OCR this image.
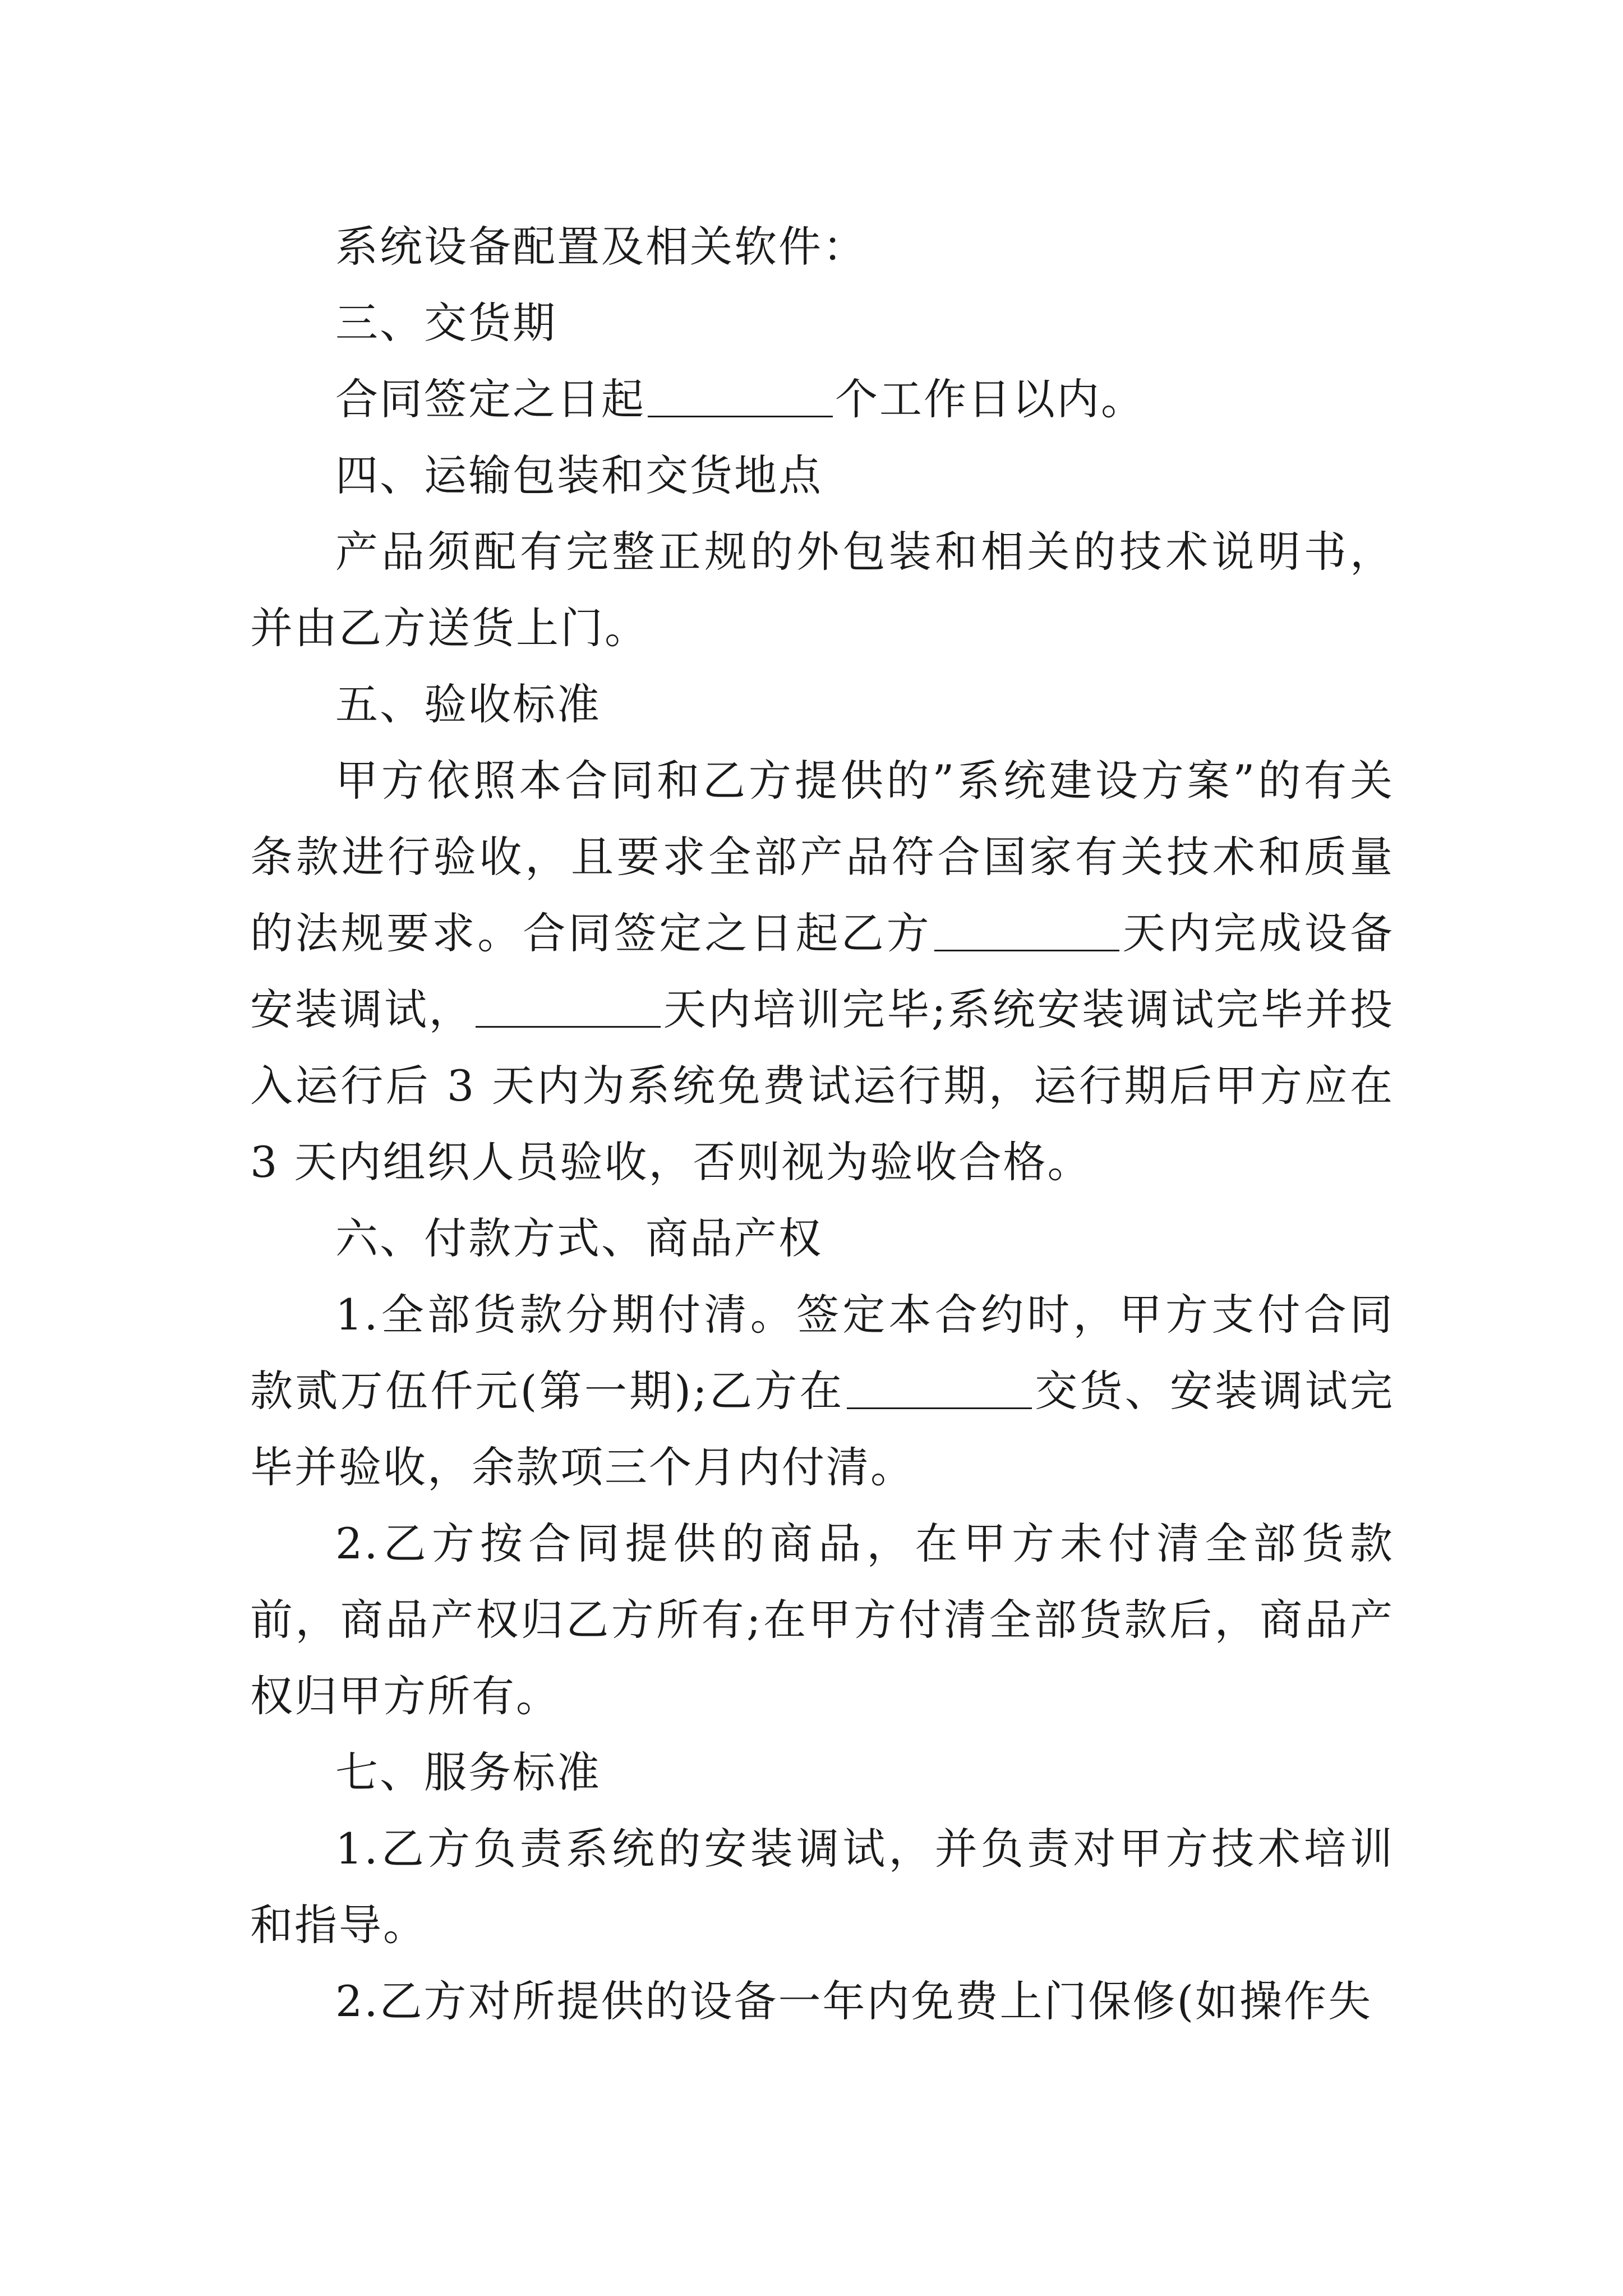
系统设备配置及相关软件：

三、交货期

合同签定之日起	个工作日以内。

四、运输包装和交货地点

产品须配有完整正规的外包装和相关的技术说明书，并由乙方送货上门。

五、验收标准

甲方依照本合同和乙方提供的”系统建设方案”的有关条款进行验收，且要求全部产品符合国家有关技术和质量的法规要求。合同签定之日起乙方	天内完成设备安装调试，	天内培训完毕;系统安装调试完毕并投入运行后 3 天内为系统免费试运行期，运行期后甲方应在 3 天内组织人员验收，否则视为验收合格。

六、付款方式、商品产权

1.全部货款分期付清。签定本合约时，甲方支付合同款贰万伍仟元(第一期);乙方在	交货、安装调试完毕并验收，余款项三个月内付清。

2.乙方按合同提供的商品，在甲方未付清全部货款前，商品产权归乙方所有;在甲方付清全部货款后，商品产权归甲方所有。

七、服务标准

1.乙方负责系统的安装调试，并负责对甲方技术培训和指导。

2.乙方对所提供的设备一年内免费上门保修(如操作失
